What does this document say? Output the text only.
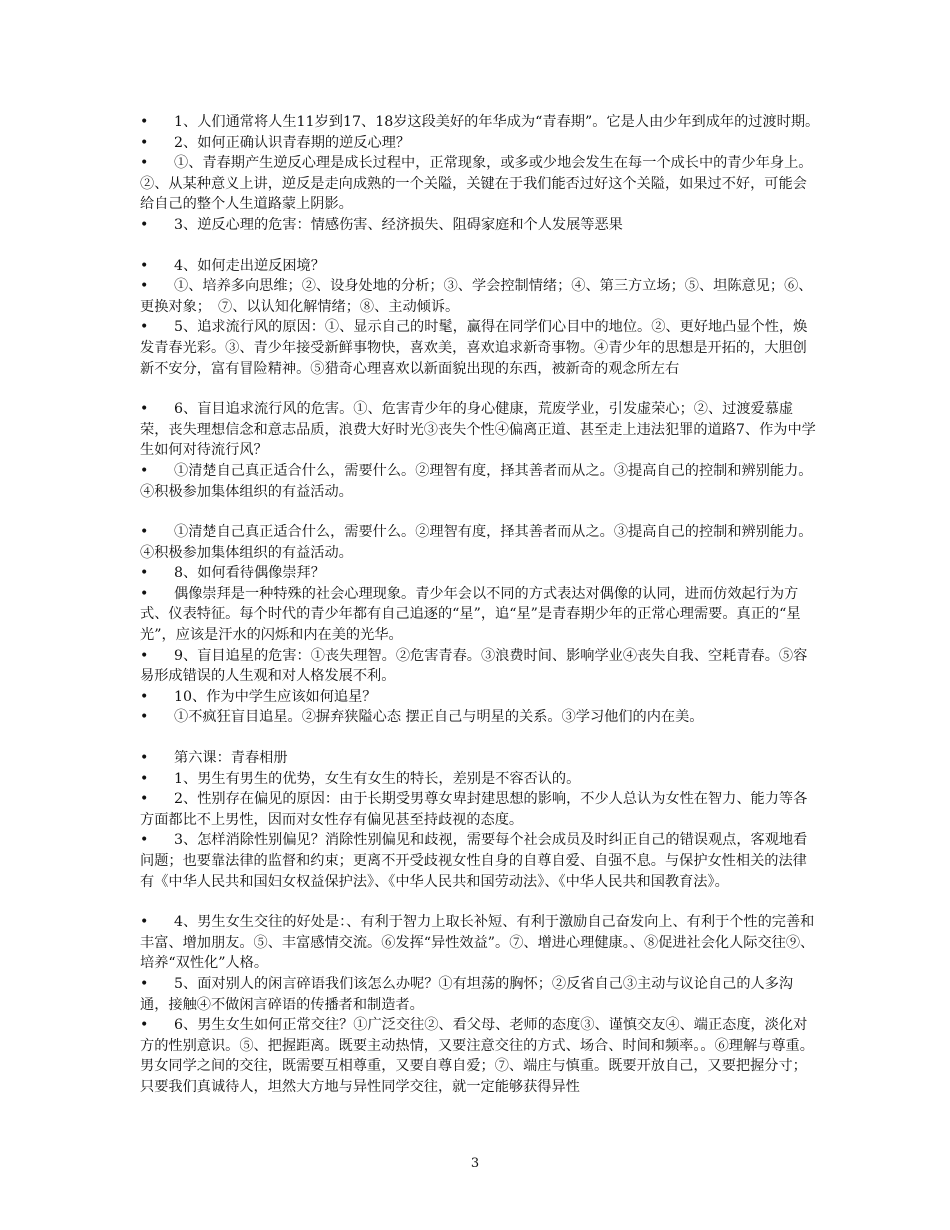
• 1、人们通常将人生11岁到17、18岁这段美好的年华成为“青春期”。它是人由少年到成年的过渡时期。
• 2、如何正确认识青春期的逆反心理？
• ①、青春期产生逆反心理是成长过程中，正常现象，或多或少地会发生在每一个成长中的青少年身上。②、从某种意义上讲，逆反是走向成熟的一个关隘，关键在于我们能否过好这个关隘，如果过不好，可能会给自己的整个人生道路蒙上阴影。
• 3、逆反心理的危害：情感伤害、经济损失、阻碍家庭和个人发展等恶果
• 4、如何走出逆反困境？
• ①、培养多向思维；②、设身处地的分析；③、学会控制情绪；④、第三方立场；⑤、坦陈意见；⑥、更换对象；　⑦、以认知化解情绪；⑧、主动倾诉。
• 5、追求流行风的原因：①、显示自己的时髦，赢得在同学们心目中的地位。②、更好地凸显个性，焕发青春光彩。③、青少年接受新鲜事物快，喜欢美，喜欢追求新奇事物。④青少年的思想是开拓的，大胆创新不安分，富有冒险精神。⑤猎奇心理喜欢以新面貌出现的东西，被新奇的观念所左右
• 6、盲目追求流行风的危害。①、危害青少年的身心健康，荒废学业，引发虚荣心；②、过渡爱慕虚荣，丧失理想信念和意志品质，浪费大好时光③丧失个性④偏离正道、甚至走上违法犯罪的道路7、作为中学生如何对待流行风？
• ①清楚自己真正适合什么，需要什么。②理智有度，择其善者而从之。③提高自己的控制和辨别能力。④积极参加集体组织的有益活动。
• ①清楚自己真正适合什么，需要什么。②理智有度，择其善者而从之。③提高自己的控制和辨别能力。④积极参加集体组织的有益活动。
• 8、如何看待偶像崇拜？
• 偶像崇拜是一种特殊的社会心理现象。青少年会以不同的方式表达对偶像的认同，进而仿效起行为方式、仪表特征。每个时代的青少年都有自己追逐的“星”，追“星”是青春期少年的正常心理需要。真正的“星光”，应该是汗水的闪烁和内在美的光华。
• 9、盲目追星的危害：①丧失理智。②危害青春。③浪费时间、影响学业④丧失自我、空耗青春。⑤容易形成错误的人生观和对人格发展不利。
• 10、作为中学生应该如何追星？
• ①不疯狂盲目追星。②摒弃狭隘心态 摆正自己与明星的关系。③学习他们的内在美。
• 第六课：青春相册
• 1、男生有男生的优势，女生有女生的特长，差别是不容否认的。
• 2、性别存在偏见的原因：由于长期受男尊女卑封建思想的影响，不少人总认为女性在智力、能力等各方面都比不上男性，因而对女性存有偏见甚至持歧视的态度。
• 3、怎样消除性别偏见？消除性别偏见和歧视，需要每个社会成员及时纠正自己的错误观点，客观地看问题；也要靠法律的监督和约束；更离不开受歧视女性自身的自尊自爱、自强不息。与保护女性相关的法律有《中华人民共和国妇女权益保护法》、《中华人民共和国劳动法》、《中华人民共和国教育法》。
• 4、男生女生交往的好处是：、有利于智力上取长补短、有利于激励自己奋发向上、有利于个性的完善和丰富、增加朋友。⑤、丰富感情交流。⑥发挥“异性效益”。⑦、增进心理健康。、⑧促进社会化人际交往⑨、培养“双性化”人格。
• 5、面对别人的闲言碎语我们该怎么办呢？①有坦荡的胸怀；②反省自己③主动与议论自己的人多沟通，接触④不做闲言碎语的传播者和制造者。
• 6、男生女生如何正常交往？①广泛交往②、看父母、老师的态度③、谨慎交友④、端正态度，淡化对方的性别意识。⑤、把握距离。既要主动热情，又要注意交往的方式、场合、时间和频率。。⑥理解与尊重。男女同学之间的交往，既需要互相尊重，又要自尊自爱；⑦、端庄与慎重。既要开放自己，又要把握分寸；只要我们真诚待人，坦然大方地与异性同学交往，就一定能够获得异性
3
